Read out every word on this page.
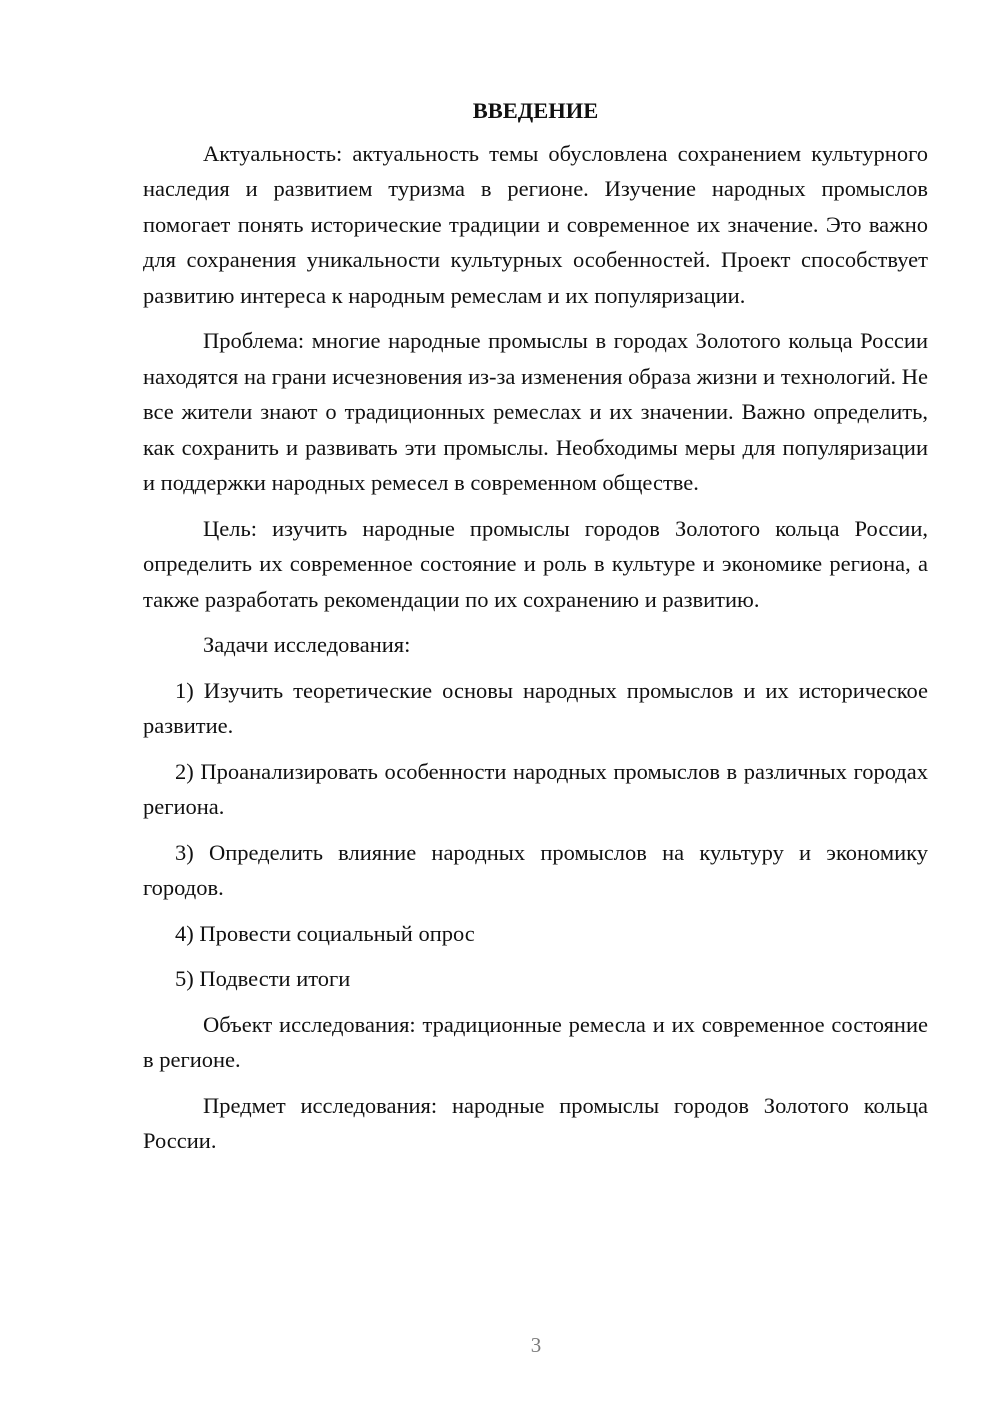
ВВЕДЕНИЕ

Актуальность: актуальность темы обусловлена сохранением культурного наследия и развитием туризма в регионе. Изучение народных промыслов помогает понять исторические традиции и современное их значение. Это важно для сохранения уникальности культурных особенностей. Проект способствует развитию интереса к народным ремеслам и их популяризации.

Проблема: многие народные промыслы в городах Золотого кольца России находятся на грани исчезновения из-за изменения образа жизни и технологий. Не все жители знают о традиционных ремеслах и их значении. Важно определить, как сохранить и развивать эти промыслы. Необходимы меры для популяризации и поддержки народных ремесел в современном обществе.

Цель: изучить народные промыслы городов Золотого кольца России, определить их современное состояние и роль в культуре и экономике региона, а также разработать рекомендации по их сохранению и развитию.

Задачи исследования:

1) Изучить теоретические основы народных промыслов и их историческое развитие.

2) Проанализировать особенности народных промыслов в различных городах региона.

3) Определить влияние народных промыслов на культуру и экономику городов.

4) Провести социальный опрос

5) Подвести итоги

Объект исследования: традиционные ремесла и их современное состояние в регионе.

Предмет исследования: народные промыслы городов Золотого кольца России.

3
